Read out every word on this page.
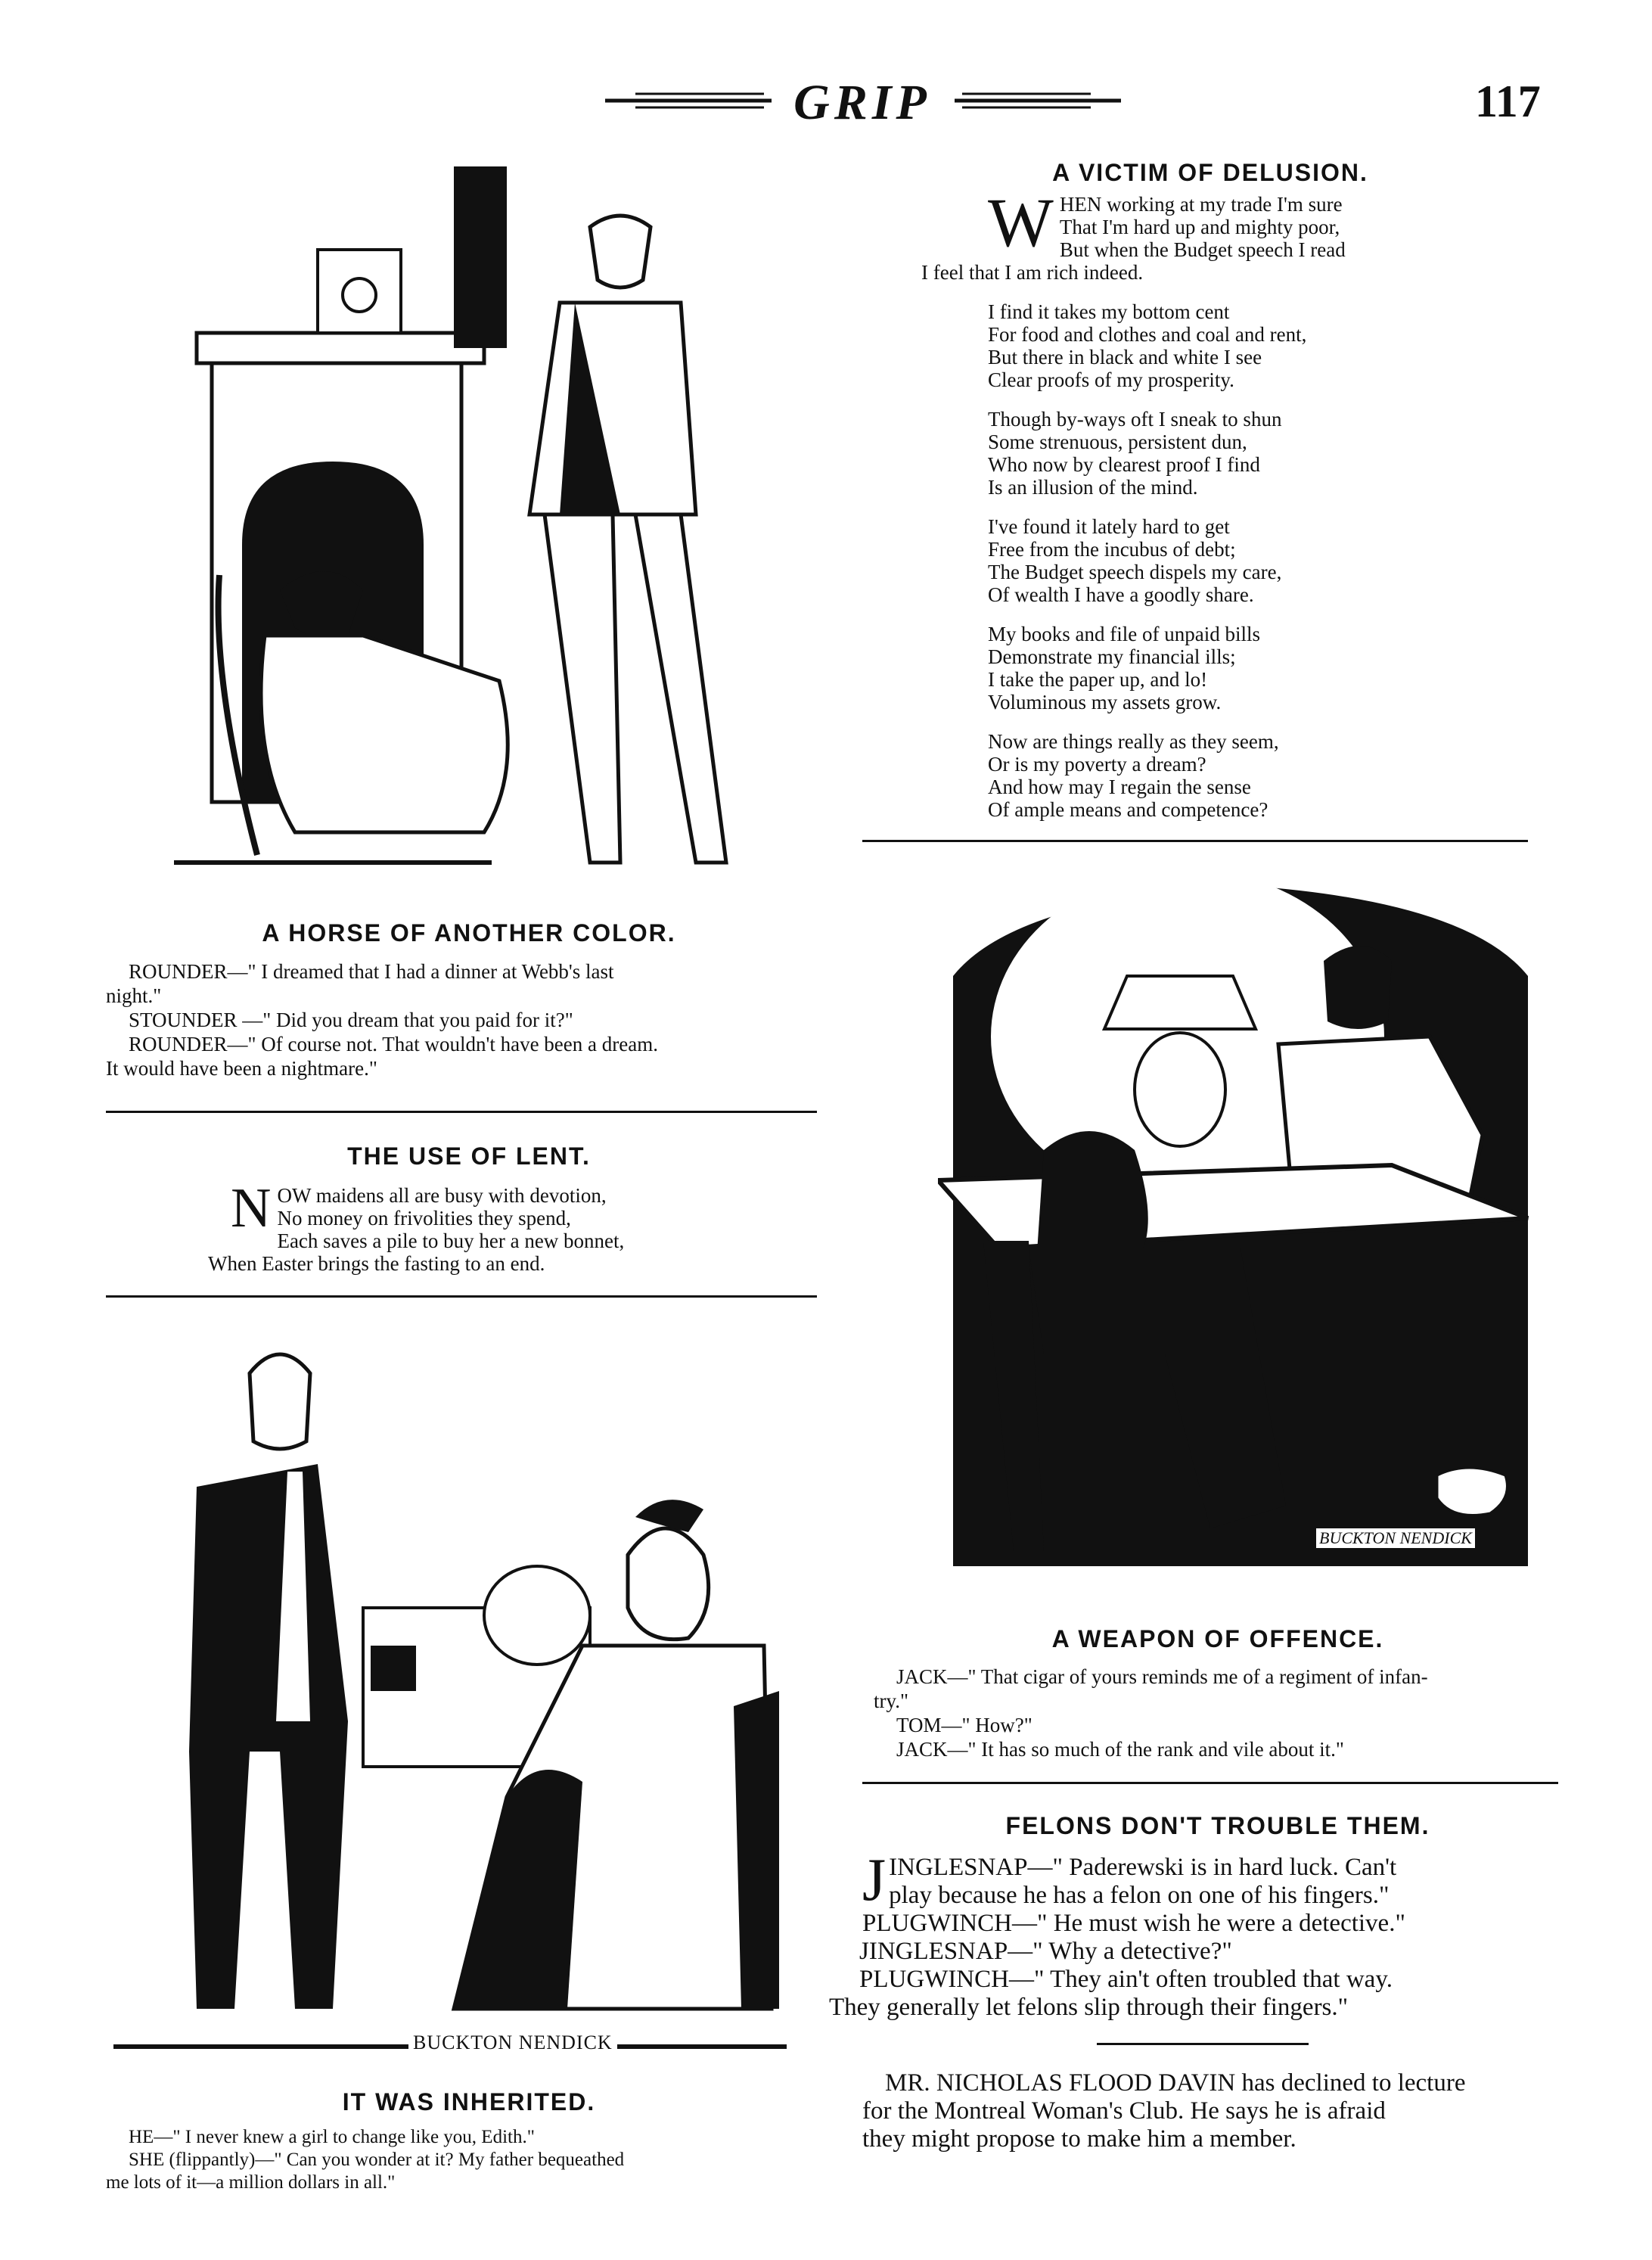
GRIP	117
A VICTIM OF DELUSION.

W HEN working at my trade I'm sure
That I'm hard up and mighty poor,
But when the Budget speech I read
I feel that I am rich indeed.

I find it takes my bottom cent
For food and clothes and coal and rent,
But there in black and white I see
Clear proofs of my prosperity.

Though by-ways oft I sneak to shun
Some strenuous, persistent dun,
Who now by clearest proof I find
Is an illusion of the mind.

I've found it lately hard to get
Free from the incubus of debt;
The Budget speech dispels my care,
Of wealth I have a goodly share.

My books and file of unpaid bills
Demonstrate my financial ills;
I take the paper up, and lo!
Voluminous my assets grow.

Now are things really as they seem,
Or is my poverty a dream?
And how may I regain the sense
Of ample means and competence?

A HORSE OF ANOTHER COLOR.
ROUNDER—" I dreamed that I had a dinner at Webb's last
night."
STOUNDER —" Did you dream that you paid for it?"
ROUNDER—" Of course not. That wouldn't have been a dream.
It would have been a nightmare."
THE USE OF LENT.
N OW maidens all are busy with devotion,
No money on frivolities they spend,
Each saves a pile to buy her a new bonnet,
When Easter brings the fasting to an end.
BUCKTON NENDICK
A WEAPON OF OFFENCE.
JACK—" That cigar of yours reminds me of a regiment of infan-
try."
TOM—" How?"
JACK—" It has so much of the rank and vile about it."
BUCKTON NENDICK
IT WAS INHERITED.
HE—" I never knew a girl to change like you, Edith."
SHE (flippantly)—" Can you wonder at it? My father bequeathed
me lots of it—a million dollars in all."
FELONS DON'T TROUBLE THEM.
J INGLESNAP—" Paderewski is in hard luck. Can't
play because he has a felon on one of his fingers."
PLUGWINCH—" He must wish he were a detective."
JINGLESNAP—" Why a detective?"
PLUGWINCH—" They ain't often troubled that way.
They generally let felons slip through their fingers."
MR. NICHOLAS FLOOD DAVIN has declined to lecture
for the Montreal Woman's Club. He says he is afraid
they might propose to make him a member.
